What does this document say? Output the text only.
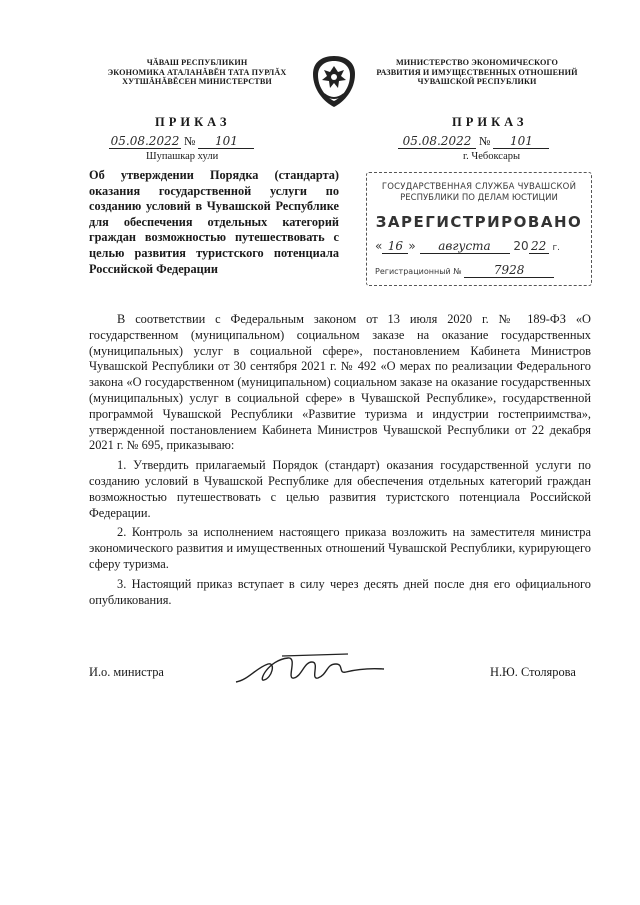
ЧĂВАШ РЕСПУБЛИКИН
ЭКОНОМИКА АТАЛАНĂВĔН ТАТА ПУРЛĂХ
ХУТШĂНĂВĔСЕН МИНИСТЕРСТВИ
МИНИСТЕРСТВО ЭКОНОМИЧЕСКОГО
РАЗВИТИЯ И ИМУЩЕСТВЕННЫХ ОТНОШЕНИЙ
ЧУВАШСКОЙ РЕСПУБЛИКИ
ПРИКАЗ	ПРИКАЗ
05.08.2022 № 101	05.08.2022 № 101
Шупашкар хули	г. Чебоксары
Об утверждении Порядка (стандарта) оказания государственной услуги по созданию условий в Чувашской Республике для обеспечения отдельных категорий граждан возможностью путешествовать с целью развития туристского потенциала Российской Федерации
ГОСУДАРСТВЕННАЯ СЛУЖБА ЧУВАШСКОЙ
РЕСПУБЛИКИ ПО ДЕЛАМ ЮСТИЦИИ
ЗАРЕГИСТРИРОВАНО
« 16 » августа 20 22 г.
Регистрационный №	7928

В соответствии с Федеральным законом от 13 июля 2020 г. № 189-ФЗ «О государственном (муниципальном) социальном заказе на оказание государственных (муниципальных) услуг в социальной сфере», постановлением Кабинета Министров Чувашской Республики от 30 сентября 2021 г. № 492 «О мерах по реализации Федерального закона «О государственном (муниципальном) социальном заказе на оказание государственных (муниципальных) услуг в социальной сфере» в Чувашской Республике», государственной программой Чувашской Республики «Развитие туризма и индустрии гостеприимства», утвержденной постановлением Кабинета Министров Чувашской Республики от 22 декабря 2021 г. № 695, приказываю:

1. Утвердить прилагаемый Порядок (стандарт) оказания государственной услуги по созданию условий в Чувашской Республике для обеспечения отдельных категорий граждан возможностью путешествовать с целью развития туристского потенциала Российской Федерации.

2. Контроль за исполнением настоящего приказа возложить на заместителя министра экономического развития и имущественных отношений Чувашской Республики, курирующего сферу туризма.

3. Настоящий приказ вступает в силу через десять дней после дня его официального опубликования.

И.о. министра	Н.Ю. Столярова
